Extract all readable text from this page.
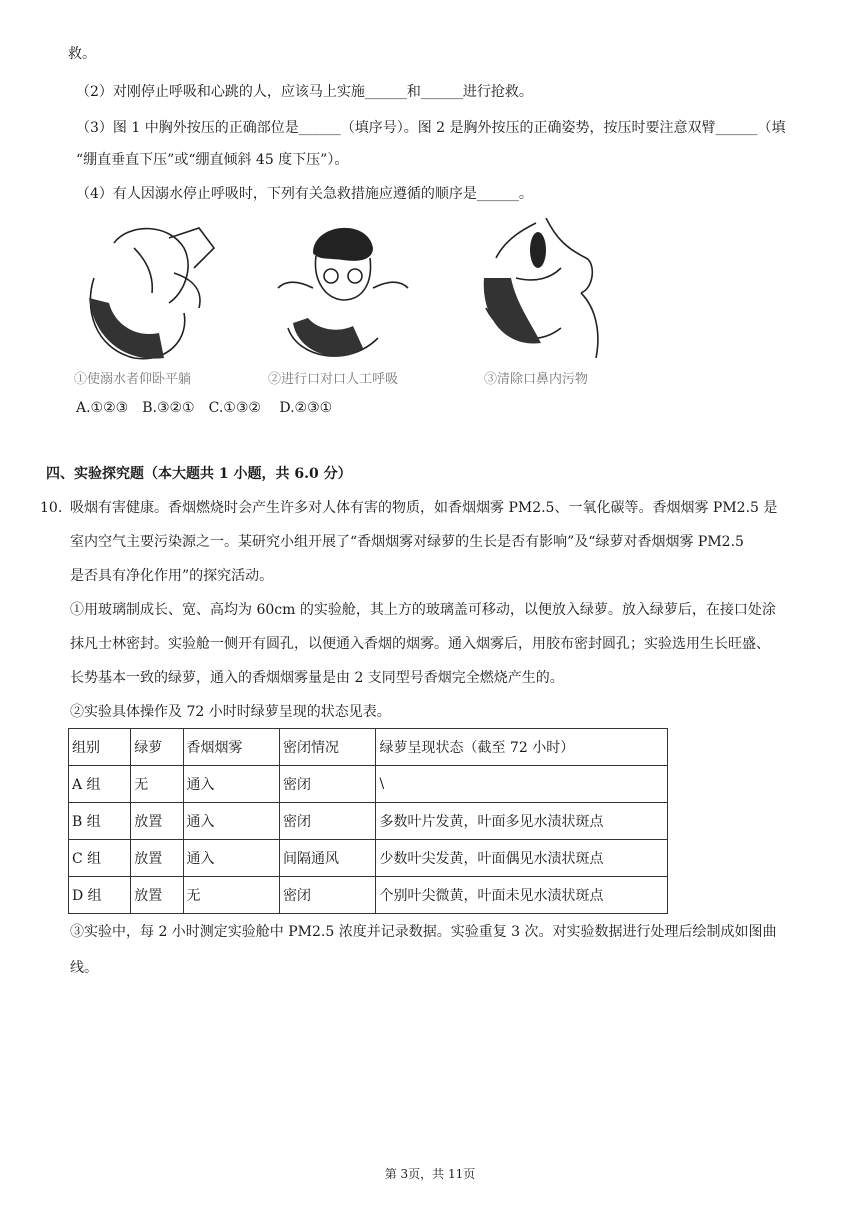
救。
（2）对刚停止呼吸和心跳的人，应该马上实施______和______进行抢救。
（3）图 1 中胸外按压的正确部位是______（填序号）。图 2 是胸外按压的正确姿势，按压时要注意双臂______（填
“绷直垂直下压”或“绷直倾斜 45 度下压”）。
（4）有人因溺水停止呼吸时，下列有关急救措施应遵循的顺序是______。
①使溺水者仰卧平躺	②进行口对口人工呼吸	③清除口鼻内污物
A.①②③　B.③②①　C.①③②　 D.②③①
四、实验探究题（本大题共 1 小题，共 6.0 分）
10. 吸烟有害健康。香烟燃烧时会产生许多对人体有害的物质，如香烟烟雾 PM2.5、一氧化碳等。香烟烟雾 PM2.5 是
室内空气主要污染源之一。某研究小组开展了“香烟烟雾对绿萝的生长是否有影响”及“绿萝对香烟烟雾 PM2.5
是否具有净化作用”的探究活动。
①用玻璃制成长、宽、高均为 60cm 的实验舱，其上方的玻璃盖可移动，以便放入绿萝。放入绿萝后，在接口处涂
抹凡士林密封。实验舱一侧开有圆孔，以便通入香烟的烟雾。通入烟雾后，用胶布密封圆孔；实验选用生长旺盛、
长势基本一致的绿萝，通入的香烟烟雾量是由 2 支同型号香烟完全燃烧产生的。
②实验具体操作及 72 小时时绿萝呈现的状态见表。
组别	绿萝	香烟烟雾	密闭情况	绿萝呈现状态（截至 72 小时）
A 组	无	通入	密闭	\
B 组	放置	通入	密闭	多数叶片发黄，叶面多见水渍状斑点
C 组	放置	通入	间隔通风	少数叶尖发黄，叶面偶见水渍状斑点
D 组	放置	无	密闭	个别叶尖微黄，叶面未见水渍状斑点
③实验中，每 2 小时测定实验舱中 PM2.5 浓度并记录数据。实验重复 3 次。对实验数据进行处理后绘制成如图曲
线。
第 3页，共 11页
